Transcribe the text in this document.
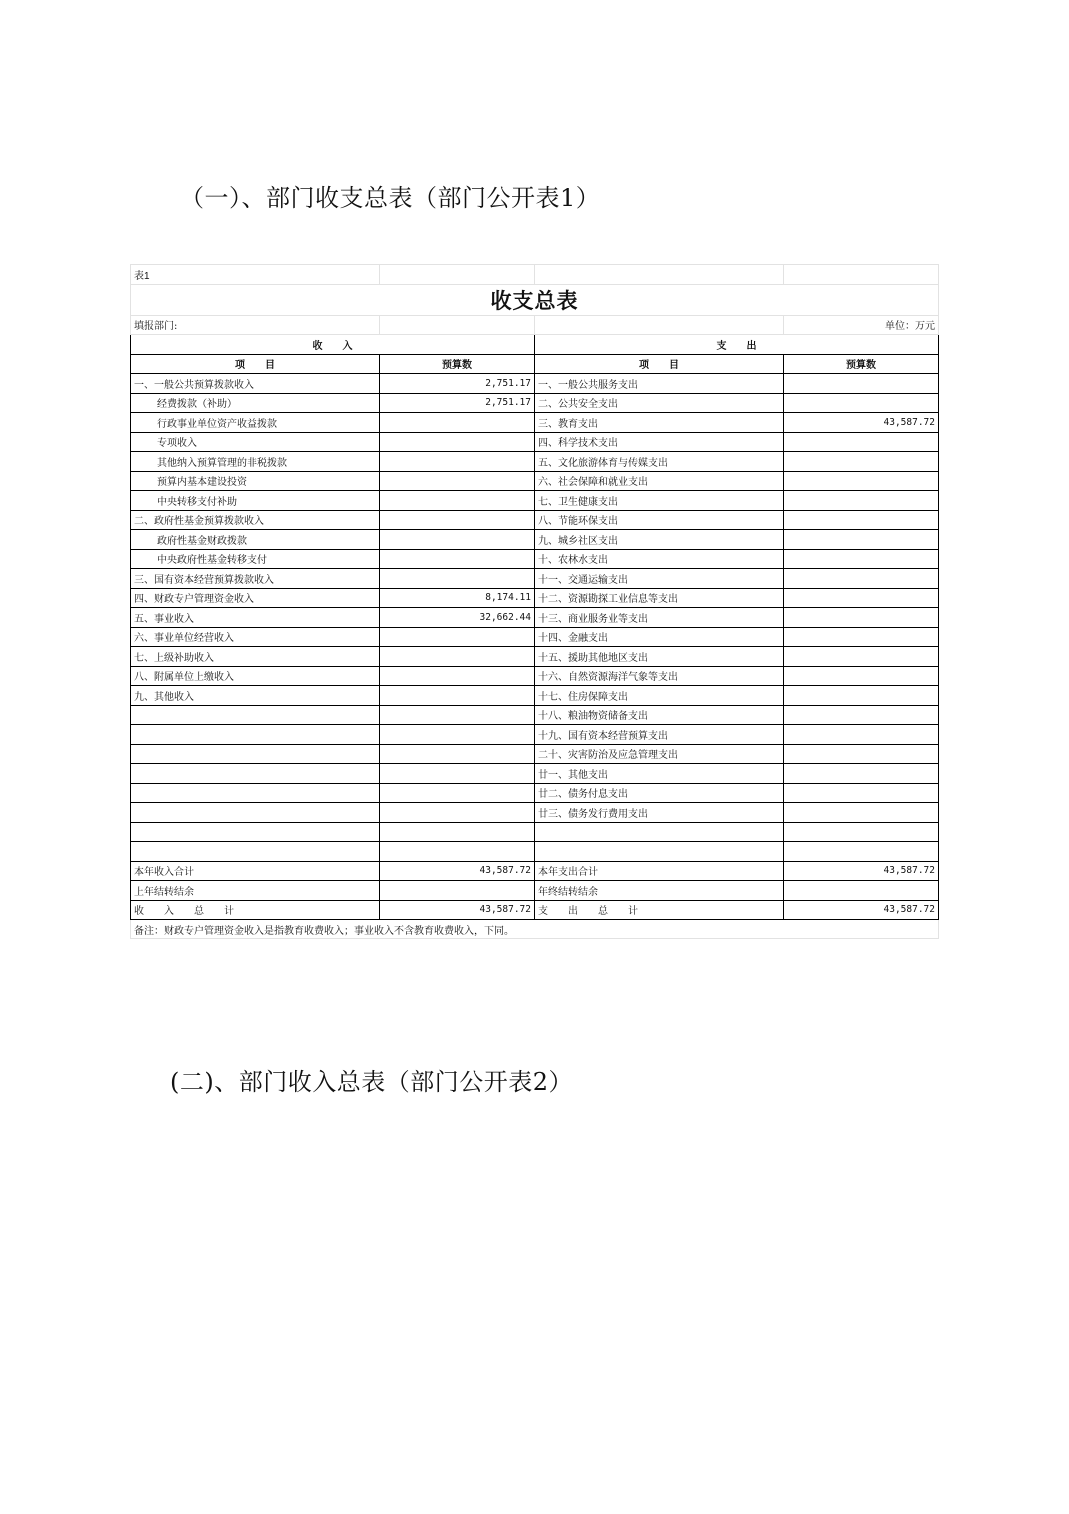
（一）、部门收支总表（部门公开表1）
表1			
收支总表			
填报部门:			单位：万元
收　　入		支　　出	
项　　目	预算数	项　　目	预算数
一、一般公共预算拨款收入	2,751.17	一、一般公共服务支出	
经费拨款（补助）	2,751.17	二、公共安全支出	
行政事业单位资产收益拨款		三、教育支出	43,587.72
专项收入		四、科学技术支出	
其他纳入预算管理的非税拨款		五、文化旅游体育与传媒支出	
预算内基本建设投资		六、社会保障和就业支出	
中央转移支付补助		七、卫生健康支出	
二、政府性基金预算拨款收入		八、节能环保支出	
政府性基金财政拨款		九、城乡社区支出	
中央政府性基金转移支付		十、农林水支出	
三、国有资本经营预算拨款收入		十一、交通运输支出	
四、财政专户管理资金收入	8,174.11	十二、资源勘探工业信息等支出	
五、事业收入	32,662.44	十三、商业服务业等支出	
六、事业单位经营收入		十四、金融支出	
七、上级补助收入		十五、援助其他地区支出	
八、附属单位上缴收入		十六、自然资源海洋气象等支出	
九、其他收入		十七、住房保障支出	
		十八、粮油物资储备支出	
		十九、国有资本经营预算支出	
		二十、灾害防治及应急管理支出	
		廿一、其他支出	
		廿二、债务付息支出	
		廿三、债务发行费用支出	

本年收入合计	43,587.72	本年支出合计	43,587.72
上年结转结余		年终结转结余	
收　　入　　总　　计	43,587.72	支　　出　　总　　计	43,587.72
备注：财政专户管理资金收入是指教育收费收入；事业收入不含教育收费收入，下同。			
(二)、部门收入总表（部门公开表2）
